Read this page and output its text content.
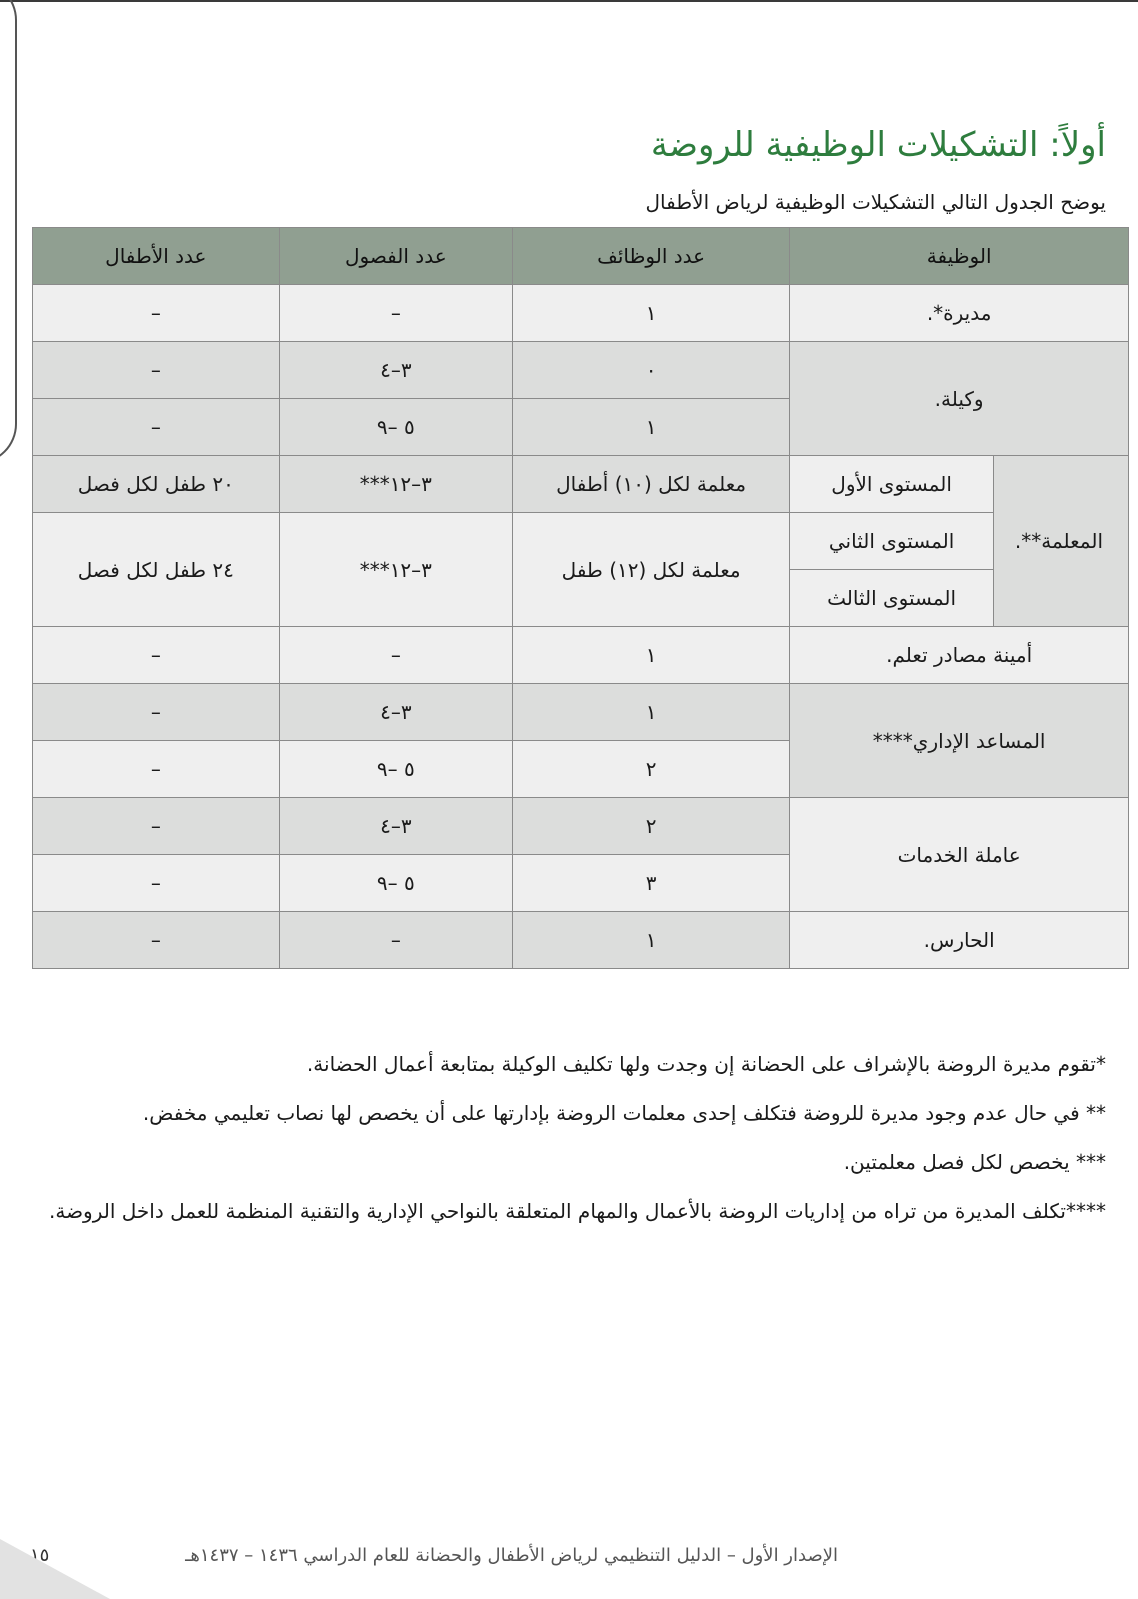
أولاً: التشكيلات الوظيفية للروضة

يوضح الجدول التالي التشكيلات الوظيفية لرياض الأطفال

الوظيفة		عدد الوظائف	عدد الفصول	عدد الأطفال
مديرة*.		١	–	–
وكيلة.		٠	٣–٤	–
		١	٥ –٩	–
المعلمة**.	المستوى الأول	معلمة لكل (١٠) أطفال	٣–١٢***	٢٠ طفل لكل فصل
	المستوى الثاني	معلمة لكل (١٢) طفل	٣–١٢***	٢٤ طفل لكل فصل
	المستوى الثالث			
أمينة مصادر تعلم.		١	–	–
المساعد الإداري****		١	٣–٤	–
		٢	٥ –٩	–
عاملة الخدمات		٢	٣–٤	–
		٣	٥ –٩	–
الحارس.		١	–	–

*تقوم مديرة الروضة بالإشراف على الحضانة إن وجدت ولها تكليف الوكيلة بمتابعة أعمال الحضانة.

** في حال عدم وجود مديرة للروضة فتكلف إحدى معلمات الروضة بإدارتها على أن يخصص لها نصاب تعليمي مخفض.

*** يخصص لكل فصل معلمتين.

****تكلف المديرة من تراه من إداريات الروضة بالأعمال والمهام المتعلقة بالنواحي الإدارية والتقنية المنظمة للعمل داخل الروضة.

الإصدار الأول – الدليل التنظيمي لرياض الأطفال والحضانة للعام الدراسي ١٤٣٦ – ١٤٣٧هـ
١٥
